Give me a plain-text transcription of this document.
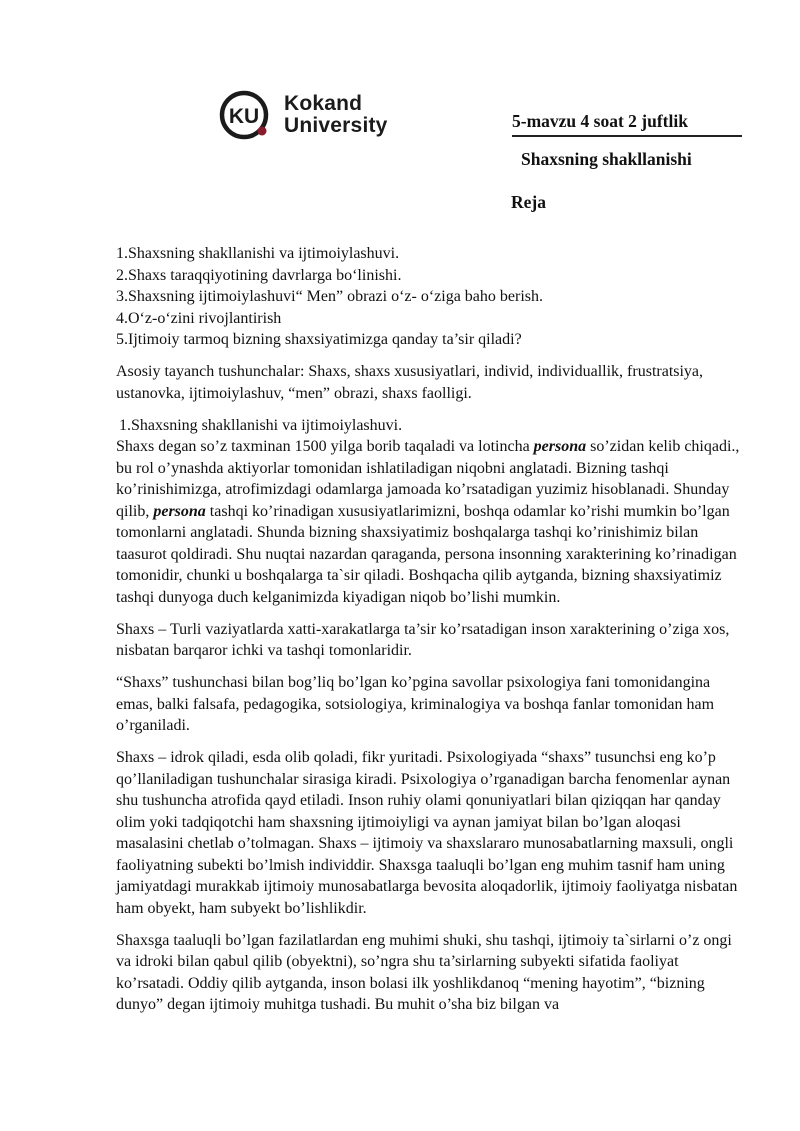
KU
Kokand
University	5-mavzu 4 soat 2 juftlik
Shaxsning shakllanishi
Reja
1.Shaxsning shakllanishi va ijtimoiylashuvi.
2.Shaxs taraqqiyotining davrlarga bo‘linishi.
3.Shaxsning ijtimoiylashuvi“ Men” obrazi o‘z- o‘ziga baho berish.
4.O‘z-o‘zini rivojlantirish
5.Ijtimoiy tarmoq bizning shaxsiyatimizga qanday ta’sir qiladi?

Asosiy tayanch tushunchalar: Shaxs, shaxs xususiyatlari, individ, individuallik, frustratsiya, ustanovka, ijtimoiylashuv, “men” obrazi, shaxs faolligi.

1.Shaxsning shakllanishi va ijtimoiylashuvi.

Shaxs degan so’z taxminan 1500 yilga borib taqaladi va lotincha persona so’zidan kelib chiqadi., bu rol o’ynashda aktiyorlar tomonidan ishlatiladigan niqobni anglatadi. Bizning tashqi ko’rinishimizga, atrofimizdagi odamlarga jamoada ko’rsatadigan yuzimiz hisoblanadi. Shunday qilib, persona tashqi ko’rinadigan xususiyatlarimizni, boshqa odamlar ko’rishi mumkin bo’lgan tomonlarni anglatadi. Shunda bizning shaxsiyatimiz boshqalarga tashqi ko’rinishimiz bilan taasurot qoldiradi. Shu nuqtai nazardan qaraganda, persona insonning xarakterining ko’rinadigan tomonidir, chunki u boshqalarga ta`sir qiladi. Boshqacha qilib aytganda, bizning shaxsiyatimiz tashqi dunyoga duch kelganimizda kiyadigan niqob bo’lishi mumkin.

Shaxs – Turli vaziyatlarda xatti-xarakatlarga ta’sir ko’rsatadigan inson xarakterining o’ziga xos, nisbatan barqaror ichki va tashqi tomonlaridir.

“Shaxs” tushunchasi bilan bog’liq bo’lgan ko’pgina savollar psixologiya fani tomonidangina emas, balki falsafa, pedagogika, sotsiologiya, kriminalogiya va boshqa fanlar tomonidan ham o’rganiladi.

Shaxs – idrok qiladi, esda olib qoladi, fikr yuritadi. Psixologiyada “shaxs” tusunchsi eng ko’p qo’llaniladigan tushunchalar sirasiga kiradi. Psixologiya o’rganadigan barcha fenomenlar aynan shu tushuncha atrofida qayd etiladi. Inson ruhiy olami qonuniyatlari bilan qiziqqan har qanday olim yoki tadqiqotchi ham shaxsning ijtimoiyligi va aynan jamiyat bilan bo’lgan aloqasi masalasini chetlab o’tolmagan. Shaxs – ijtimoiy va shaxslararo munosabatlarning maxsuli, ongli faoliyatning subekti bo’lmish individdir. Shaxsga taaluqli bo’lgan eng muhim tasnif ham uning jamiyatdagi murakkab ijtimoiy munosabatlarga bevosita aloqadorlik, ijtimoiy faoliyatga nisbatan ham obyekt, ham subyekt bo’lishlikdir.

Shaxsga taaluqli bo’lgan fazilatlardan eng muhimi shuki, shu tashqi, ijtimoiy ta`sirlarni o’z ongi va idroki bilan qabul qilib (obyektni), so’ngra shu ta’sirlarning subyekti sifatida faoliyat ko’rsatadi. Oddiy qilib aytganda, inson bolasi ilk yoshlikdanoq “mening hayotim”, “bizning dunyo” degan ijtimoiy muhitga tushadi. Bu muhit o’sha biz bilgan va
